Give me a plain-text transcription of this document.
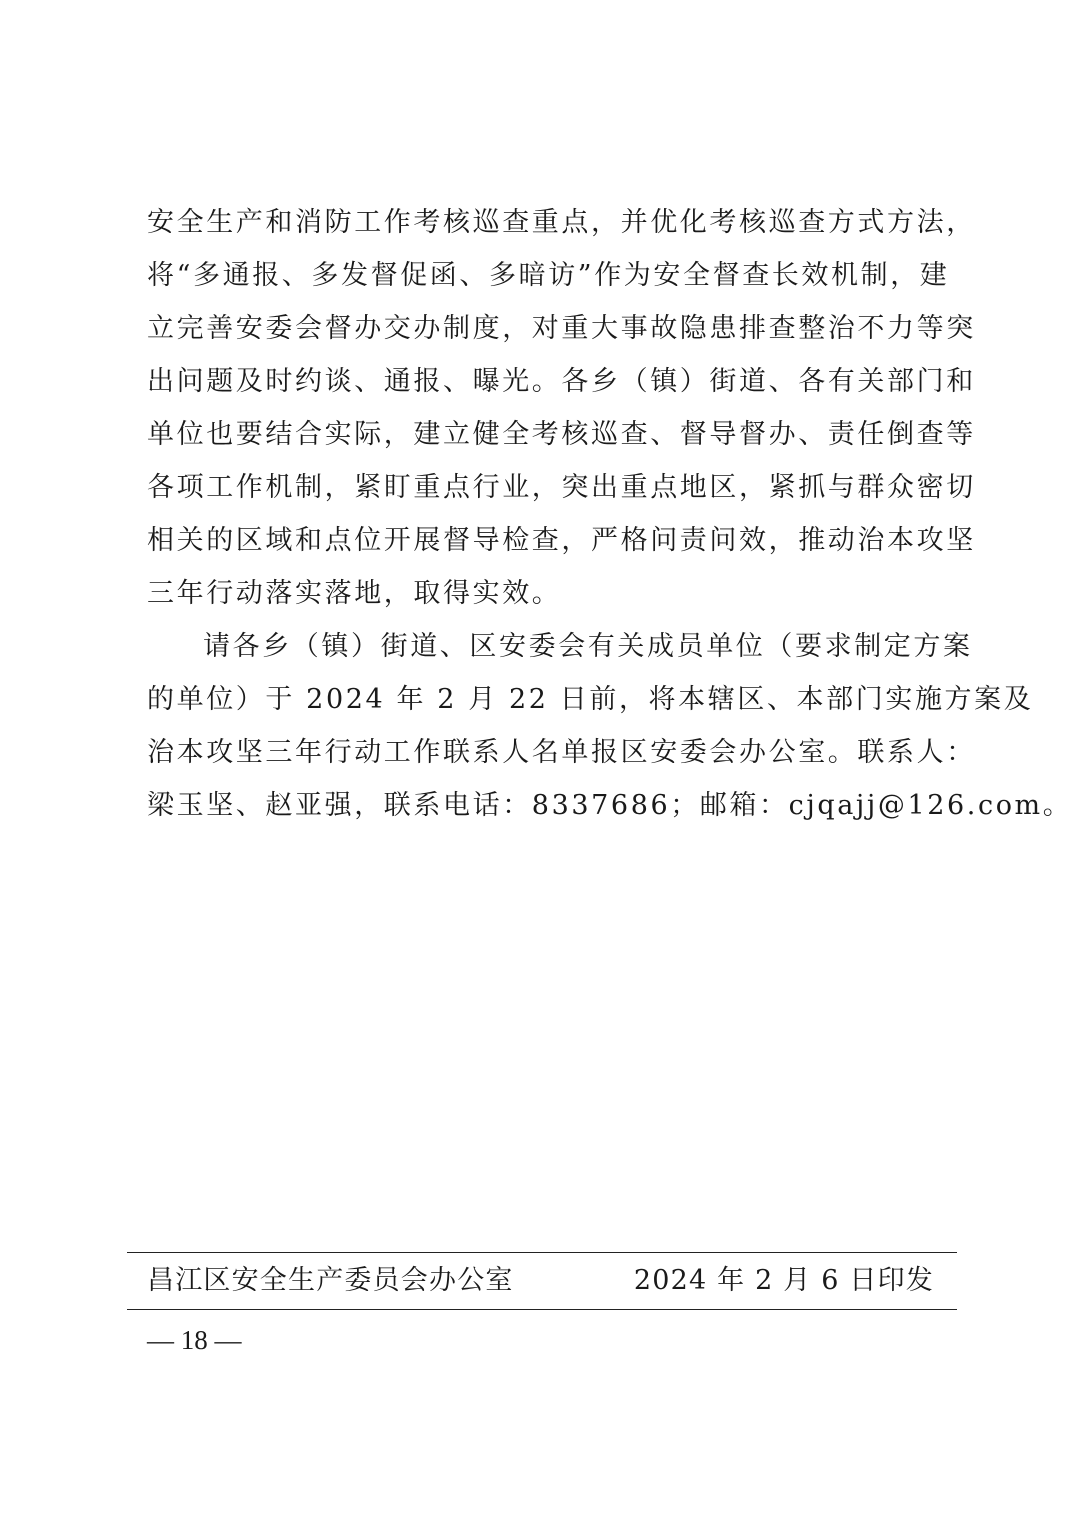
安全生产和消防工作考核巡查重点，并优化考核巡查方式方法，
将“多通报、多发督促函、多暗访”作为安全督查长效机制，建
立完善安委会督办交办制度，对重大事故隐患排查整治不力等突
出问题及时约谈、通报、曝光。各乡（镇）街道、各有关部门和
单位也要结合实际，建立健全考核巡查、督导督办、责任倒查等
各项工作机制，紧盯重点行业，突出重点地区，紧抓与群众密切
相关的区域和点位开展督导检查，严格问责问效，推动治本攻坚
三年行动落实落地，取得实效。
请各乡（镇）街道、区安委会有关成员单位（要求制定方案
的单位）于 2024 年 2 月 22 日前，将本辖区、本部门实施方案及
治本攻坚三年行动工作联系人名单报区安委会办公室。联系人：
梁玉坚、赵亚强，联系电话：8337686；邮箱：cjqajj@126.com。
昌江区安全生产委员会办公室	2024 年 2 月 6 日印发
— 18 —
